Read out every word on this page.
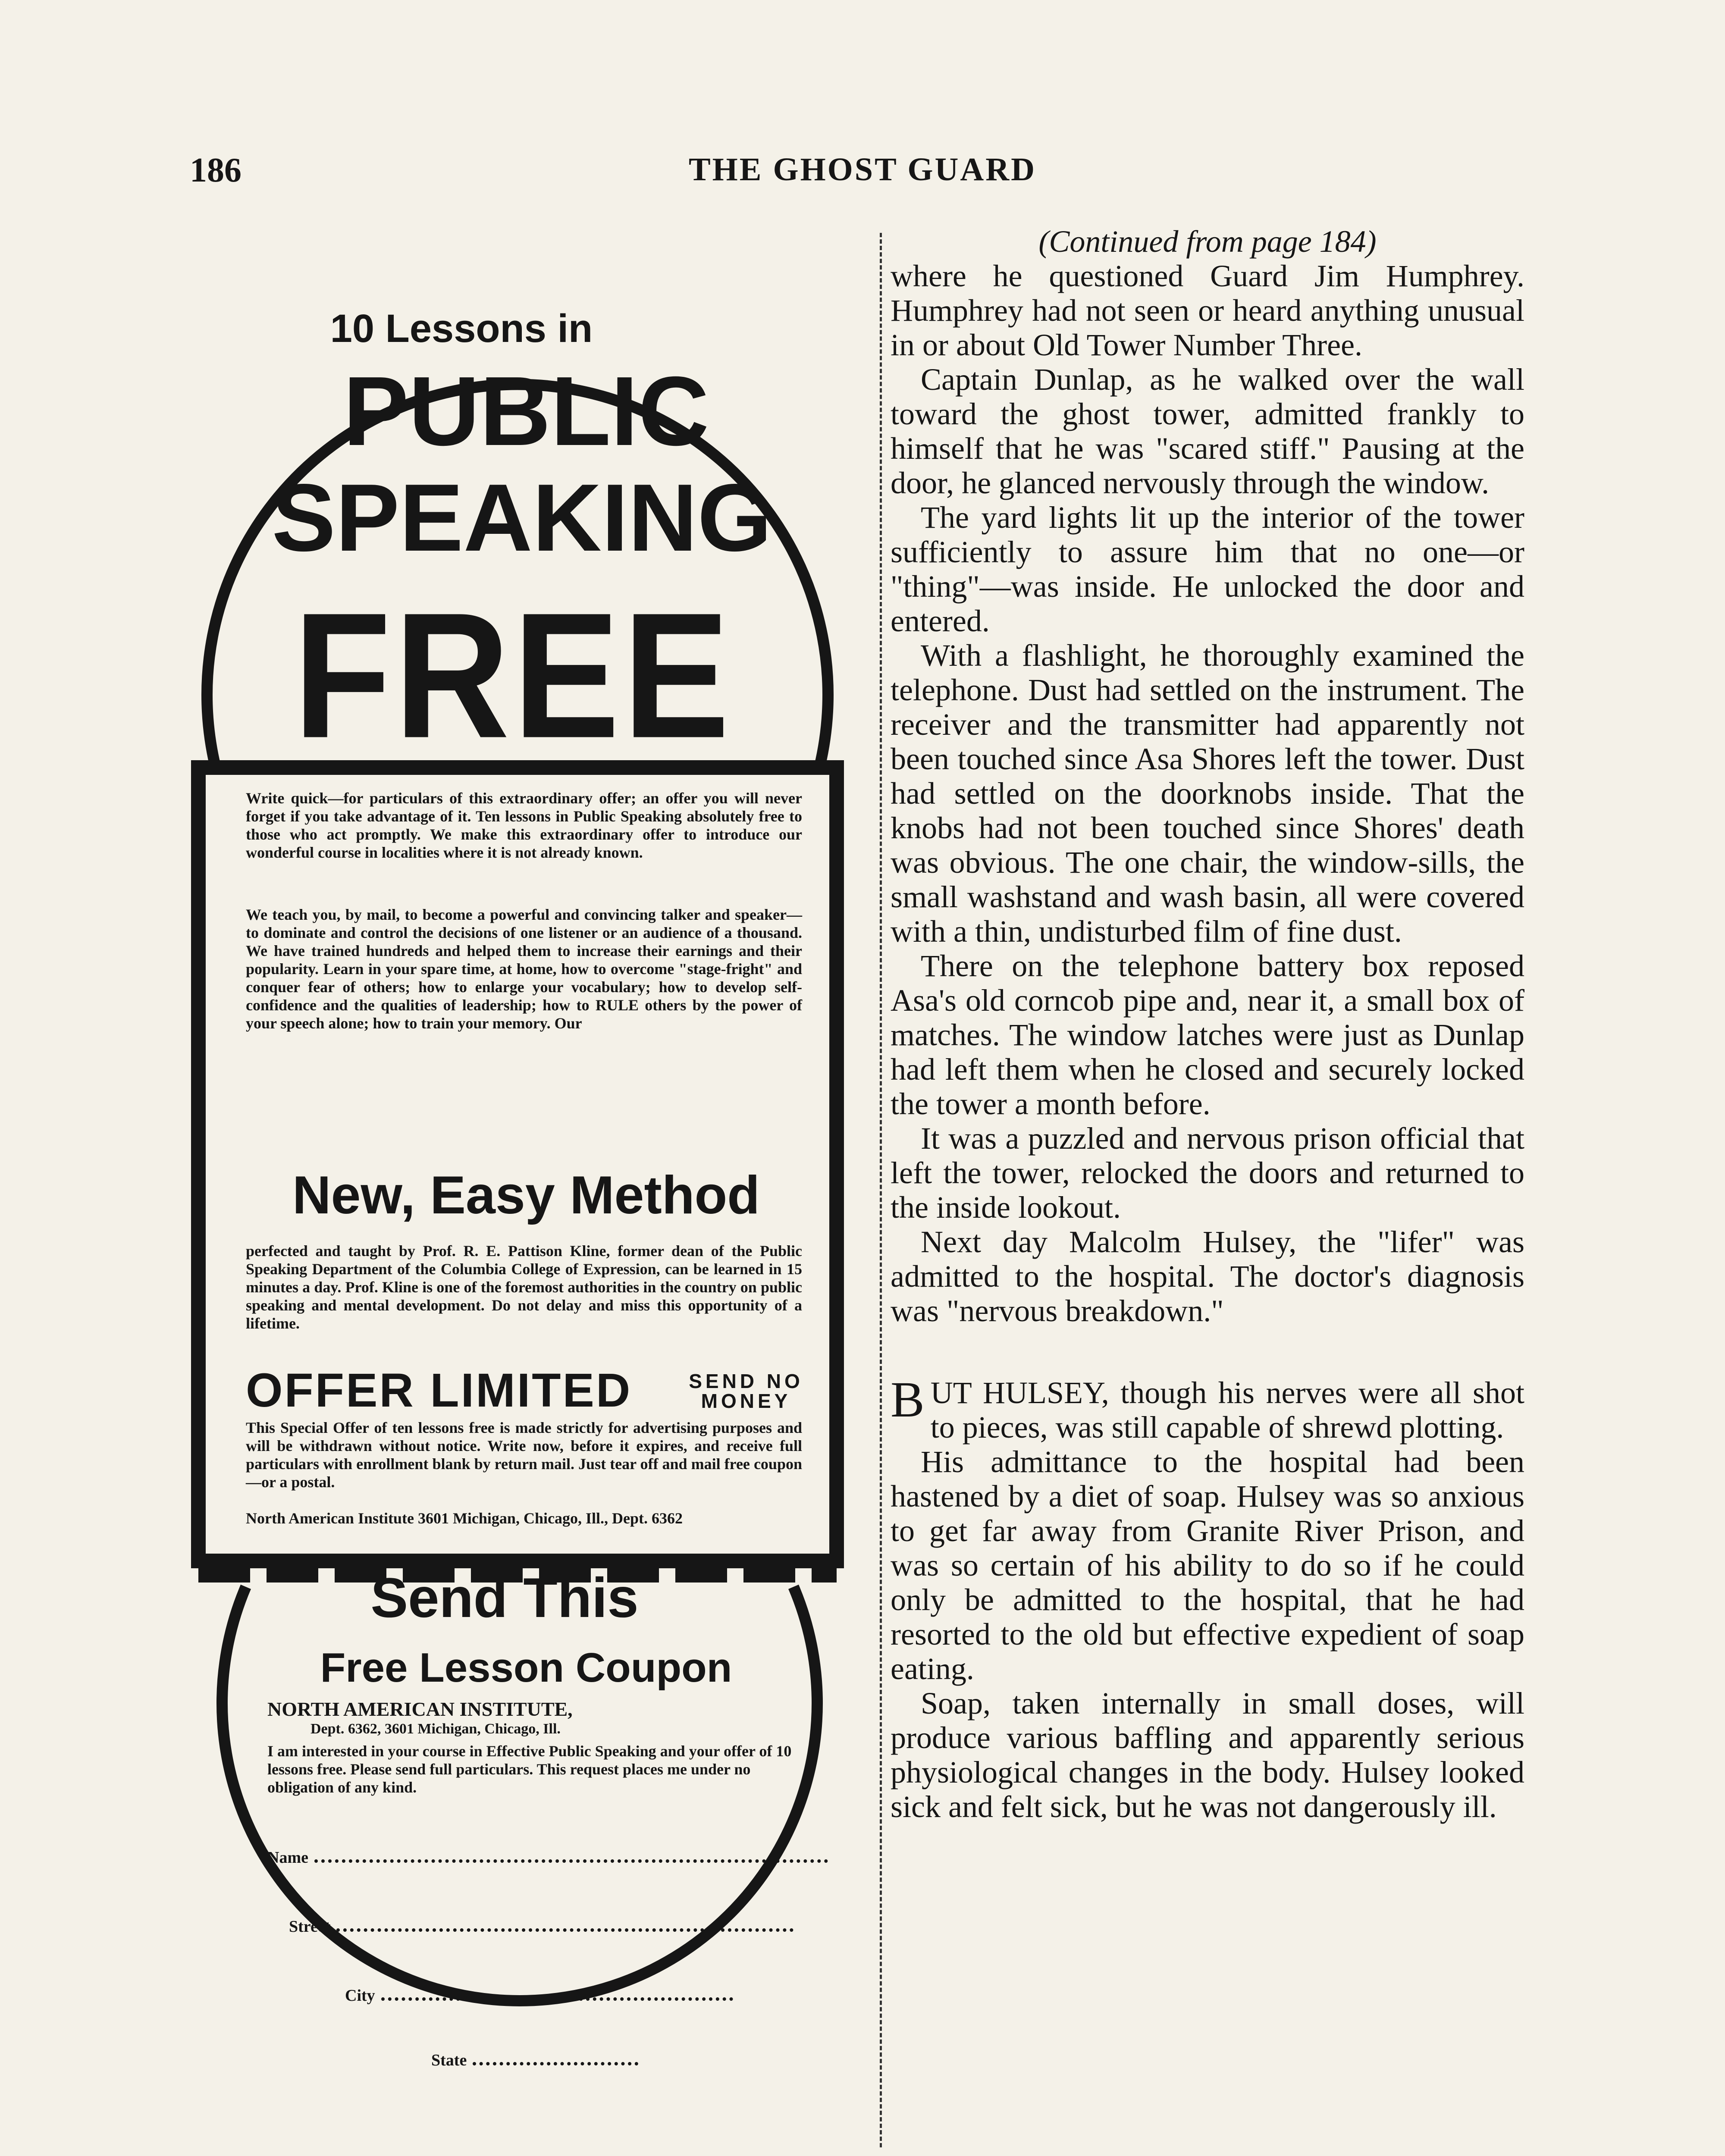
186	THE GHOST GUARD
10 Lessons in
PUBLIC
SPEAKING
FREE
Write quick—for particulars of this extraordinary offer; an offer you will never forget if you take advantage of it. Ten lessons in Public Speaking absolutely free to those who act promptly. We make this extraordinary offer to introduce our wonderful course in localities where it is not already known.
We teach you, by mail, to become a powerful and convincing talker and speaker—to dominate and control the decisions of one listener or an audience of a thousand. We have trained hundreds and helped them to increase their earnings and their popularity. Learn in your spare time, at home, how to overcome "stage-fright" and conquer fear of others; how to enlarge your vocabulary; how to develop self-confidence and the qualities of leadership; how to RULE others by the power of your speech alone; how to train your memory. Our
New, Easy Method
perfected and taught by Prof. R. E. Pattison Kline, former dean of the Public Speaking Department of the Columbia College of Expression, can be learned in 15 minutes a day. Prof. Kline is one of the foremost authorities in the country on public speaking and mental development. Do not delay and miss this opportunity of a lifetime.
OFFER LIMITED	SEND NO
MONEY
This Special Offer of ten lessons free is made strictly for advertising purposes and will be withdrawn without notice. Write now, before it expires, and receive full particulars with enrollment blank by return mail. Just tear off and mail free coupon—or a postal.
North American Institute 3601 Michigan, Chicago, Ill., Dept. 6362
Send This
Free Lesson Coupon
NORTH AMERICAN INSTITUTE,
Dept. 6362, 3601 Michigan, Chicago, Ill.
I am interested in your course in Effective Public Speaking and your offer of 10 lessons free. Please send full particulars. This request places me under no obligation of any kind.
Name
Street
City
State
(Continued from page 184)

where he questioned Guard Jim Humphrey. Humphrey had not seen or heard anything unusual in or about Old Tower Number Three.

Captain Dunlap, as he walked over the wall toward the ghost tower, admitted frankly to himself that he was "scared stiff." Pausing at the door, he glanced nervously through the window.

The yard lights lit up the interior of the tower sufficiently to assure him that no one—or "thing"—was inside. He unlocked the door and entered.

With a flashlight, he thoroughly examined the telephone. Dust had settled on the instrument. The receiver and the transmitter had apparently not been touched since Asa Shores left the tower. Dust had settled on the doorknobs inside. That the knobs had not been touched since Shores' death was obvious. The one chair, the window-sills, the small washstand and wash basin, all were covered with a thin, undisturbed film of fine dust.

There on the telephone battery box reposed Asa's old corncob pipe and, near it, a small box of matches. The window latches were just as Dunlap had left them when he closed and securely locked the tower a month before.

It was a puzzled and nervous prison official that left the tower, relocked the doors and returned to the inside lookout.

Next day Malcolm Hulsey, the "lifer" was admitted to the hospital. The doctor's diagnosis was "nervous breakdown."

BUT HULSEY, though his nerves were all shot to pieces, was still capable of shrewd plotting.

His admittance to the hospital had been hastened by a diet of soap. Hulsey was so anxious to get far away from Granite River Prison, and was so certain of his ability to do so if he could only be admitted to the hospital, that he had resorted to the old but effective expedient of soap eating.

Soap, taken internally in small doses, will produce various baffling and apparently serious physiological changes in the body. Hulsey looked sick and felt sick, but he was not dangerously ill.
